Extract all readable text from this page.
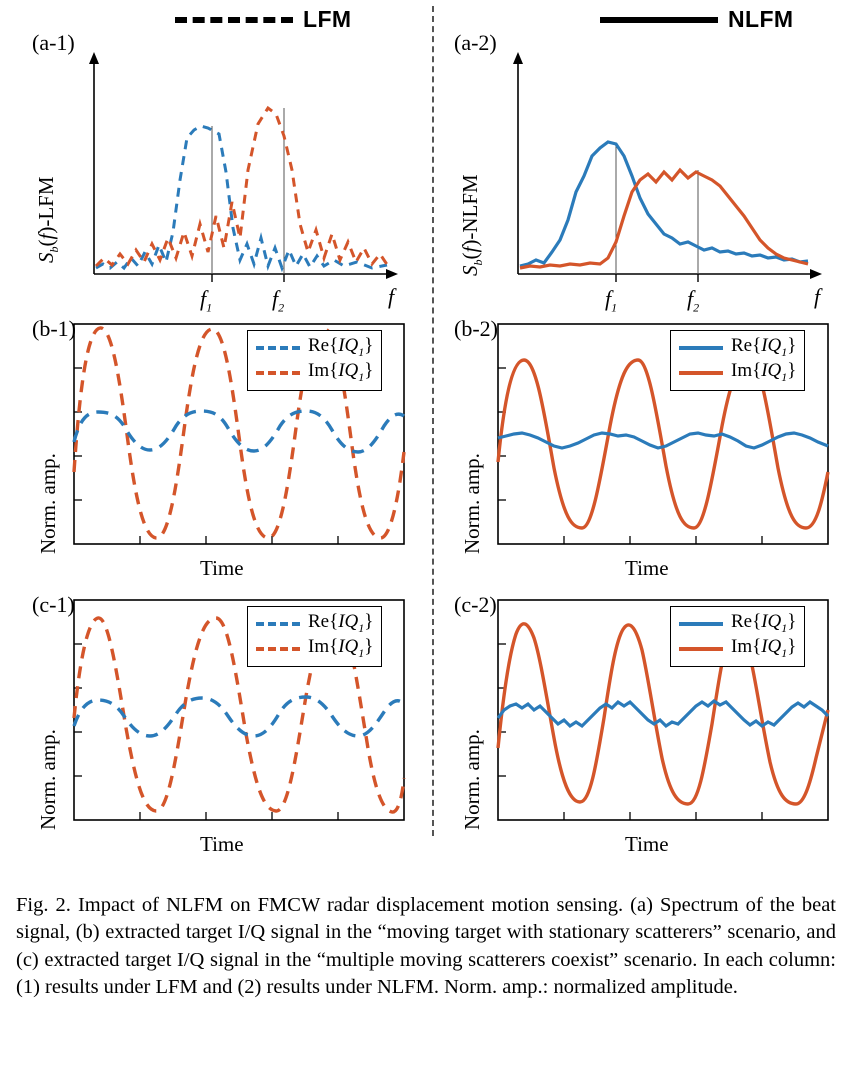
LFM	NLFM
(a-1)
$S_b(f)$-LFM
$f_1$	$f_2$	f
(a-2)
$S_b(f)$-NLFM
$f_1$	$f_2$	f
(b-1)
Norm. amp.
$Re\{IQ_1\}$
$Im\{IQ_1\}$
Time
(b-2)
Norm. amp.
$Re\{IQ_1\}$
$Im\{IQ_1\}$
Time
(c-1)
Norm. amp.
$Re\{IQ_1\}$
$Im\{IQ_1\}$
Time
(c-2)
Norm. amp.
$Re\{IQ_1\}$
$Im\{IQ_1\}$
Time

Fig. 2. Impact of NLFM on FMCW radar displacement motion sensing. (a) Spectrum of the beat signal, (b) extracted target I/Q signal in the “moving target with stationary scatterers” scenario, and (c) extracted target I/Q signal in the “multiple moving scatterers coexist” scenario. In each column: (1) results under LFM and (2) results under NLFM. Norm. amp.: normalized amplitude.
